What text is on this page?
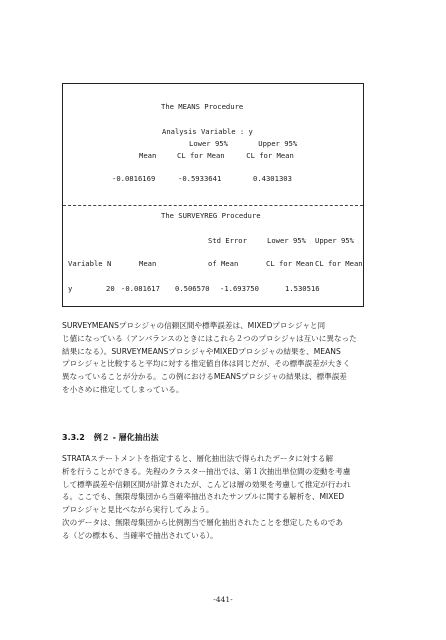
The MEANS Procedure
Analysis Variable : y
Lower 95%       Upper 95%
Mean	CL for Mean     CL for Mean
-0.0816169	-0.5933641	0.4301303
The SURVEYREG Procedure
Std Error	Lower 95% Upper 95%
Variable N	Mean	of Mean	CL for Mean CL for Mean
y	20 -0.081617 0.506570 -1.693750	1.530516
SURVEYMEANSプロシジャの信頼区間や標準誤差は、MIXEDプロシジャと同
じ値になっている（アンバランスのときにはこれら２つのプロシジャは互いに異なった
結果になる）。SURVEYMEANSプロシジャやMIXEDプロシジャの結果を、MEANS
プロシジャと比較すると平均に対する推定値自体は同じだが、その標準誤差が大きく
異なっていることが分かる。この例におけるMEANSプロシジャの結果は、標準誤差
を小さめに推定してしまっている。
3.3.2 例２ - 層化抽出法
STRATAステートメントを指定すると、層化抽出法で得られたデータに対する解
析を行うことができる。先程のクラスター抽出では、第１次抽出単位間の変動を考慮
して標準誤差や信頼区間が計算されたが、こんどは層の効果を考慮して推定が行われ
る。ここでも、無限母集団から当確率抽出されたサンプルに関する解析を、MIXED
プロシジャと見比べながら実行してみよう。
次のデータは、無限母集団から比例割当で層化抽出されたことを想定したものであ
る（どの標本も、当確率で抽出されている）。
-441-
